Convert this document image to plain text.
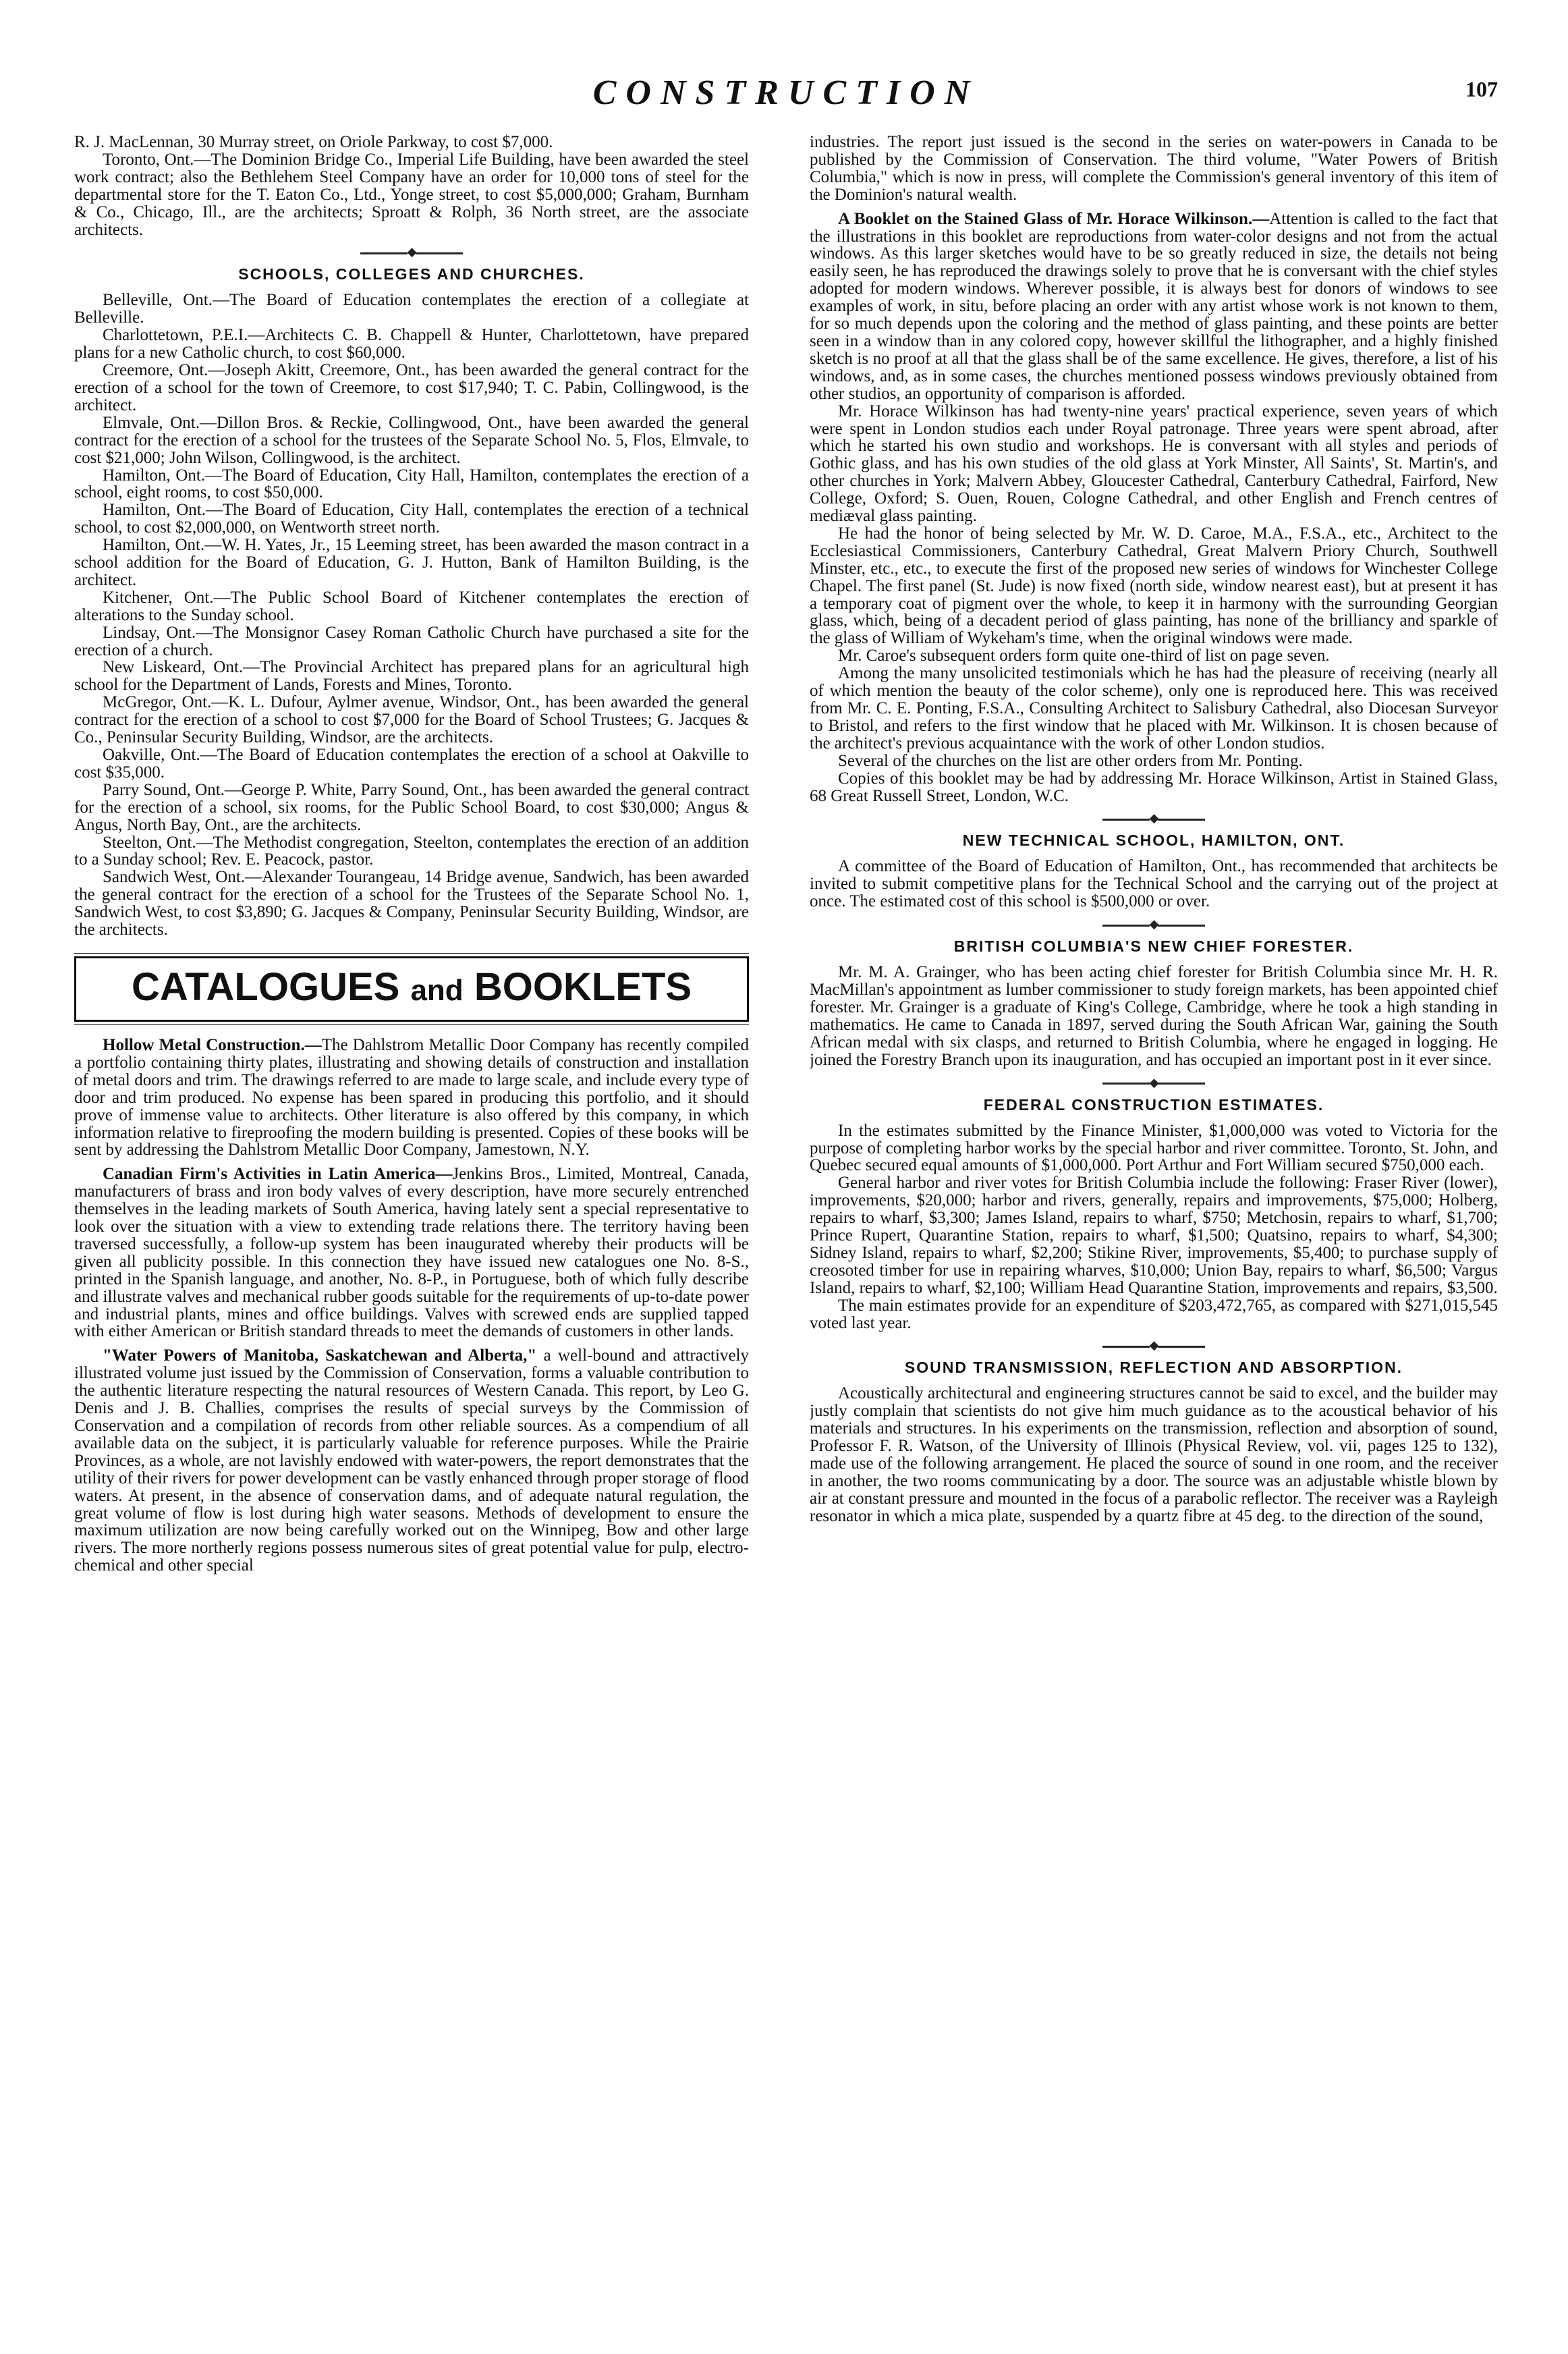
CONSTRUCTION	107

R. J. MacLennan, 30 Murray street, on Oriole Parkway, to cost $7,000.

Toronto, Ont.—The Dominion Bridge Co., Imperial Life Building, have been awarded the steel work contract; also the Bethlehem Steel Company have an order for 10,000 tons of steel for the departmental store for the T. Eaton Co., Ltd., Yonge street, to cost $5,000,000; Graham, Burnham & Co., Chicago, Ill., are the architects; Sproatt & Rolph, 36 North street, are the associate architects.

◆
SCHOOLS, COLLEGES AND CHURCHES.

Belleville, Ont.—The Board of Education contemplates the erection of a collegiate at Belleville.

Charlottetown, P.E.I.—Architects C. B. Chappell & Hunter, Charlottetown, have prepared plans for a new Catholic church, to cost $60,000.

Creemore, Ont.—Joseph Akitt, Creemore, Ont., has been awarded the general contract for the erection of a school for the town of Creemore, to cost $17,940; T. C. Pabin, Collingwood, is the architect.

Elmvale, Ont.—Dillon Bros. & Reckie, Collingwood, Ont., have been awarded the general contract for the erection of a school for the trustees of the Separate School No. 5, Flos, Elmvale, to cost $21,000; John Wilson, Collingwood, is the architect.

Hamilton, Ont.—The Board of Education, City Hall, Hamilton, contemplates the erection of a school, eight rooms, to cost $50,000.

Hamilton, Ont.—The Board of Education, City Hall, contemplates the erection of a technical school, to cost $2,000,000, on Wentworth street north.

Hamilton, Ont.—W. H. Yates, Jr., 15 Leeming street, has been awarded the mason contract in a school addition for the Board of Education, G. J. Hutton, Bank of Hamilton Building, is the architect.

Kitchener, Ont.—The Public School Board of Kitchener contemplates the erection of alterations to the Sunday school.

Lindsay, Ont.—The Monsignor Casey Roman Catholic Church have purchased a site for the erection of a church.

New Liskeard, Ont.—The Provincial Architect has prepared plans for an agricultural high school for the Department of Lands, Forests and Mines, Toronto.

McGregor, Ont.—K. L. Dufour, Aylmer avenue, Windsor, Ont., has been awarded the general contract for the erection of a school to cost $7,000 for the Board of School Trustees; G. Jacques & Co., Peninsular Security Building, Windsor, are the architects.

Oakville, Ont.—The Board of Education contemplates the erection of a school at Oakville to cost $35,000.

Parry Sound, Ont.—George P. White, Parry Sound, Ont., has been awarded the general contract for the erection of a school, six rooms, for the Public School Board, to cost $30,000; Angus & Angus, North Bay, Ont., are the architects.

Steelton, Ont.—The Methodist congregation, Steelton, contemplates the erection of an addition to a Sunday school; Rev. E. Peacock, pastor.

Sandwich West, Ont.—Alexander Tourangeau, 14 Bridge avenue, Sandwich, has been awarded the general contract for the erection of a school for the Trustees of the Separate School No. 1, Sandwich West, to cost $3,890; G. Jacques & Company, Peninsular Security Building, Windsor, are the architects.

CATALOGUES and BOOKLETS

Hollow Metal Construction.—The Dahlstrom Metallic Door Company has recently compiled a portfolio containing thirty plates, illustrating and showing details of construction and installation of metal doors and trim. The drawings referred to are made to large scale, and include every type of door and trim produced. No expense has been spared in producing this portfolio, and it should prove of immense value to architects. Other literature is also offered by this company, in which information relative to fireproofing the modern building is presented. Copies of these books will be sent by addressing the Dahlstrom Metallic Door Company, Jamestown, N.Y.

Canadian Firm's Activities in Latin America—Jenkins Bros., Limited, Montreal, Canada, manufacturers of brass and iron body valves of every description, have more securely entrenched themselves in the leading markets of South America, having lately sent a special representative to look over the situation with a view to extending trade relations there. The territory having been traversed successfully, a follow-up system has been inaugurated whereby their products will be given all publicity possible. In this connection they have issued new catalogues one No. 8-S., printed in the Spanish language, and another, No. 8-P., in Portuguese, both of which fully describe and illustrate valves and mechanical rubber goods suitable for the requirements of up-to-date power and industrial plants, mines and office buildings. Valves with screwed ends are supplied tapped with either American or British standard threads to meet the demands of customers in other lands.

"Water Powers of Manitoba, Saskatchewan and Alberta," a well-bound and attractively illustrated volume just issued by the Commission of Conservation, forms a valuable contribution to the authentic literature respecting the natural resources of Western Canada. This report, by Leo G. Denis and J. B. Challies, comprises the results of special surveys by the Commission of Conservation and a compilation of records from other reliable sources. As a compendium of all available data on the subject, it is particularly valuable for reference purposes. While the Prairie Provinces, as a whole, are not lavishly endowed with water-powers, the report demonstrates that the utility of their rivers for power development can be vastly enhanced through proper storage of flood waters. At present, in the absence of conservation dams, and of adequate natural regulation, the great volume of flow is lost during high water seasons. Methods of development to ensure the maximum utilization are now being carefully worked out on the Winnipeg, Bow and other large rivers. The more northerly regions possess numerous sites of great potential value for pulp, electro-chemical and other special

industries. The report just issued is the second in the series on water-powers in Canada to be published by the Commission of Conservation. The third volume, "Water Powers of British Columbia," which is now in press, will complete the Commission's general inventory of this item of the Dominion's natural wealth.

A Booklet on the Stained Glass of Mr. Horace Wilkinson.—Attention is called to the fact that the illustrations in this booklet are reproductions from water-color designs and not from the actual windows. As this larger sketches would have to be so greatly reduced in size, the details not being easily seen, he has reproduced the drawings solely to prove that he is conversant with the chief styles adopted for modern windows. Wherever possible, it is always best for donors of windows to see examples of work, in situ, before placing an order with any artist whose work is not known to them, for so much depends upon the coloring and the method of glass painting, and these points are better seen in a window than in any colored copy, however skillful the lithographer, and a highly finished sketch is no proof at all that the glass shall be of the same excellence. He gives, therefore, a list of his windows, and, as in some cases, the churches mentioned possess windows previously obtained from other studios, an opportunity of comparison is afforded.

Mr. Horace Wilkinson has had twenty-nine years' practical experience, seven years of which were spent in London studios each under Royal patronage. Three years were spent abroad, after which he started his own studio and workshops. He is conversant with all styles and periods of Gothic glass, and has his own studies of the old glass at York Minster, All Saints', St. Martin's, and other churches in York; Malvern Abbey, Gloucester Cathedral, Canterbury Cathedral, Fairford, New College, Oxford; S. Ouen, Rouen, Cologne Cathedral, and other English and French centres of mediæval glass painting.

He had the honor of being selected by Mr. W. D. Caroe, M.A., F.S.A., etc., Architect to the Ecclesiastical Commissioners, Canterbury Cathedral, Great Malvern Priory Church, Southwell Minster, etc., etc., to execute the first of the proposed new series of windows for Winchester College Chapel. The first panel (St. Jude) is now fixed (north side, window nearest east), but at present it has a temporary coat of pigment over the whole, to keep it in harmony with the surrounding Georgian glass, which, being of a decadent period of glass painting, has none of the brilliancy and sparkle of the glass of William of Wykeham's time, when the original windows were made.

Mr. Caroe's subsequent orders form quite one-third of list on page seven.

Among the many unsolicited testimonials which he has had the pleasure of receiving (nearly all of which mention the beauty of the color scheme), only one is reproduced here. This was received from Mr. C. E. Ponting, F.S.A., Consulting Architect to Salisbury Cathedral, also Diocesan Surveyor to Bristol, and refers to the first window that he placed with Mr. Wilkinson. It is chosen because of the architect's previous acquaintance with the work of other London studios.

Several of the churches on the list are other orders from Mr. Ponting.

Copies of this booklet may be had by addressing Mr. Horace Wilkinson, Artist in Stained Glass, 68 Great Russell Street, London, W.C.

◆
NEW TECHNICAL SCHOOL, HAMILTON, ONT.

A committee of the Board of Education of Hamilton, Ont., has recommended that architects be invited to submit competitive plans for the Technical School and the carrying out of the project at once. The estimated cost of this school is $500,000 or over.

◆
BRITISH COLUMBIA'S NEW CHIEF FORESTER.

Mr. M. A. Grainger, who has been acting chief forester for British Columbia since Mr. H. R. MacMillan's appointment as lumber commissioner to study foreign markets, has been appointed chief forester. Mr. Grainger is a graduate of King's College, Cambridge, where he took a high standing in mathematics. He came to Canada in 1897, served during the South African War, gaining the South African medal with six clasps, and returned to British Columbia, where he engaged in logging. He joined the Forestry Branch upon its inauguration, and has occupied an important post in it ever since.

◆
FEDERAL CONSTRUCTION ESTIMATES.

In the estimates submitted by the Finance Minister, $1,000,000 was voted to Victoria for the purpose of completing harbor works by the special harbor and river committee. Toronto, St. John, and Quebec secured equal amounts of $1,000,000. Port Arthur and Fort William secured $750,000 each.

General harbor and river votes for British Columbia include the following: Fraser River (lower), improvements, $20,000; harbor and rivers, generally, repairs and improvements, $75,000; Holberg, repairs to wharf, $3,300; James Island, repairs to wharf, $750; Metchosin, repairs to wharf, $1,700; Prince Rupert, Quarantine Station, repairs to wharf, $1,500; Quatsino, repairs to wharf, $4,300; Sidney Island, repairs to wharf, $2,200; Stikine River, improvements, $5,400; to purchase supply of creosoted timber for use in repairing wharves, $10,000; Union Bay, repairs to wharf, $6,500; Vargus Island, repairs to wharf, $2,100; William Head Quarantine Station, improvements and repairs, $3,500.

The main estimates provide for an expenditure of $203,472,765, as compared with $271,015,545 voted last year.

◆
SOUND TRANSMISSION, REFLECTION AND ABSORPTION.

Acoustically architectural and engineering structures cannot be said to excel, and the builder may justly complain that scientists do not give him much guidance as to the acoustical behavior of his materials and structures. In his experiments on the transmission, reflection and absorption of sound, Professor F. R. Watson, of the University of Illinois (Physical Review, vol. vii, pages 125 to 132), made use of the following arrangement. He placed the source of sound in one room, and the receiver in another, the two rooms communicating by a door. The source was an adjustable whistle blown by air at constant pressure and mounted in the focus of a parabolic reflector. The receiver was a Rayleigh resonator in which a mica plate, suspended by a quartz fibre at 45 deg. to the direction of the sound,
